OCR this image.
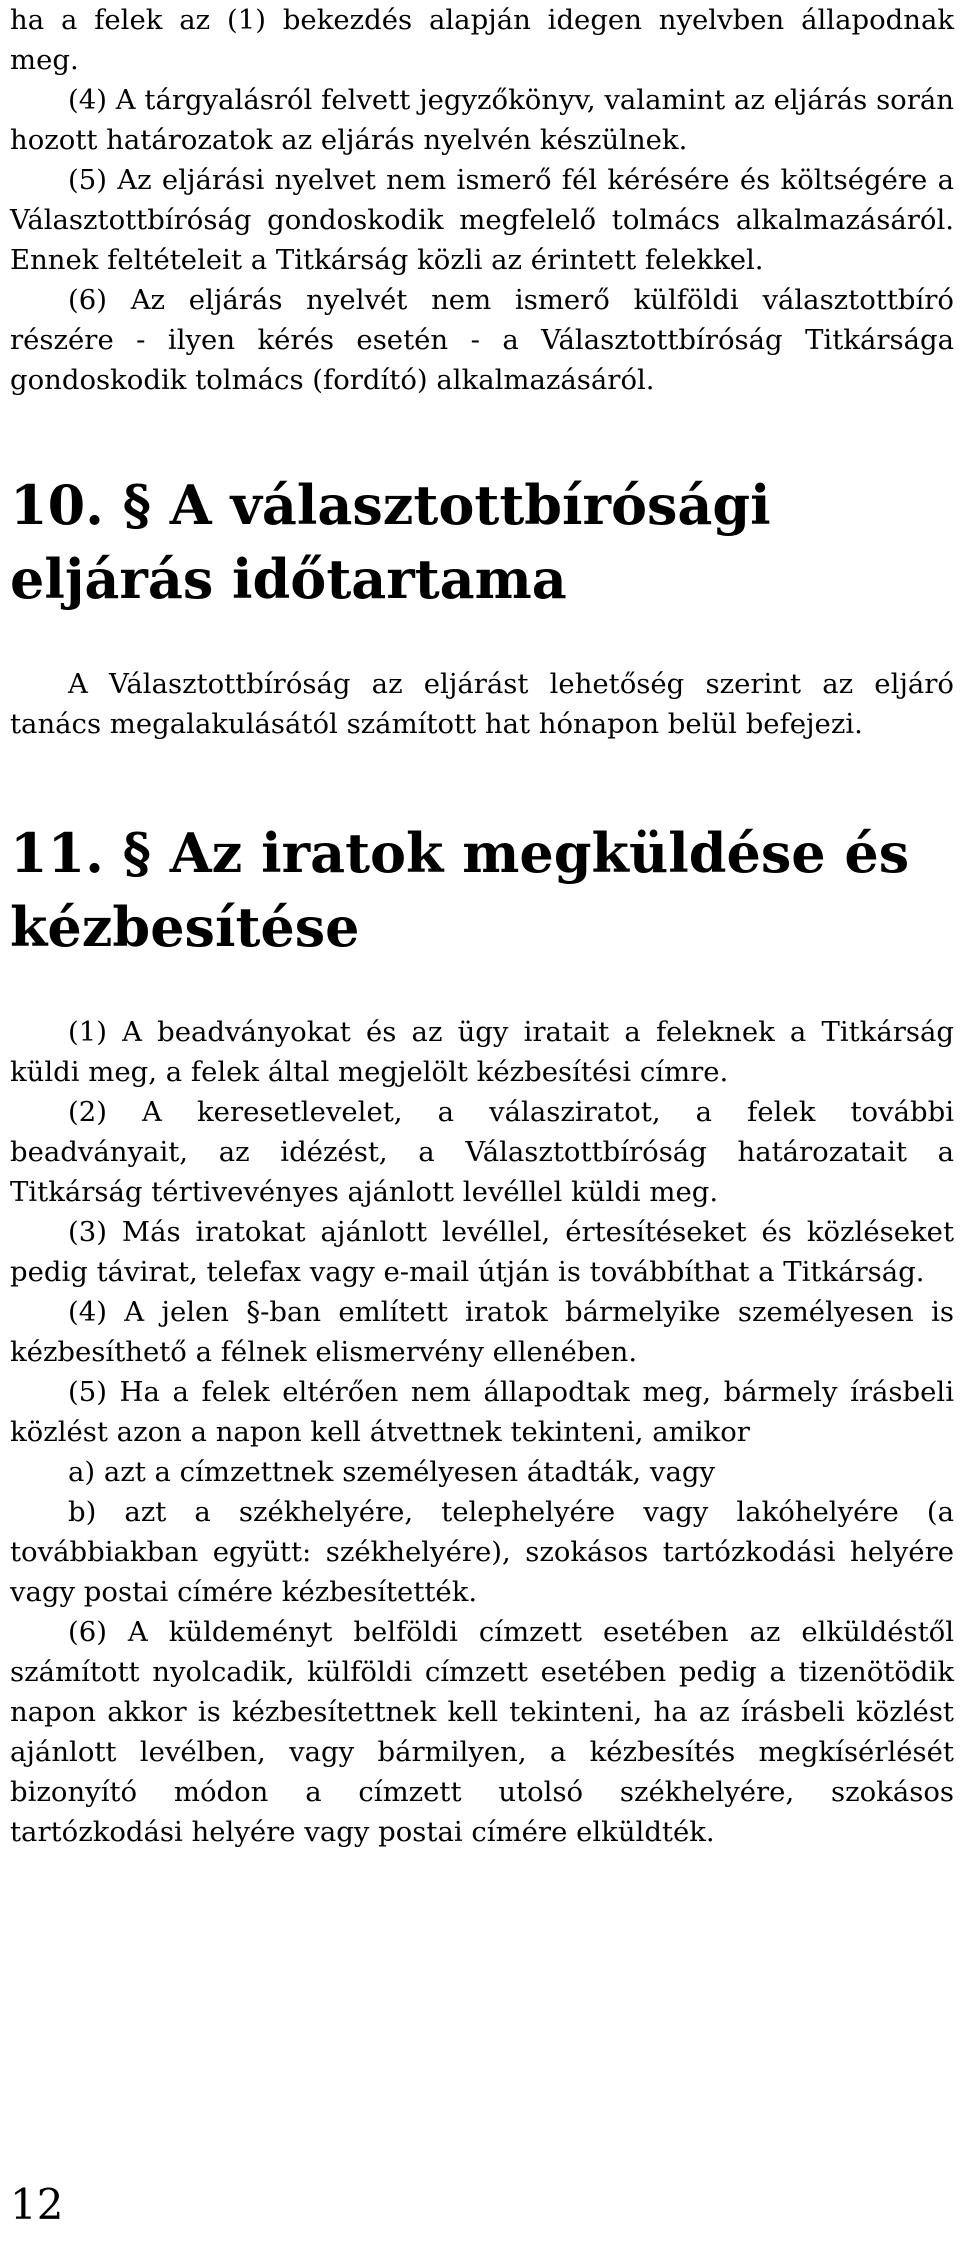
ha a felek az (1) bekezdés alapján idegen nyelvben állapodnak meg.

(4) A tárgyalásról felvett jegyzőkönyv, valamint az eljárás során hozott határozatok az eljárás nyelvén készülnek.

(5) Az eljárási nyelvet nem ismerő fél kérésére és költségére a Választottbíróság gondoskodik megfelelő tolmács alkalmazásáról. Ennek feltételeit a Titkárság közli az érintett felekkel.

(6) Az eljárás nyelvét nem ismerő külföldi választottbíró részére - ilyen kérés esetén - a Választottbíróság Titkársága gondoskodik tolmács (fordító) alkalmazásáról.

10. § A választottbírósági eljárás időtartama

A Választottbíróság az eljárást lehetőség szerint az eljáró tanács megalakulásától számított hat hónapon belül befejezi.

11. § Az iratok megküldése és kézbesítése

(1) A beadványokat és az ügy iratait a feleknek a Titkárság küldi meg, a felek által megjelölt kézbesítési címre.

(2) A keresetlevelet, a válasziratot, a felek további beadványait, az idézést, a Választottbíróság határozatait a Titkárság tértivevényes ajánlott levéllel küldi meg.

(3) Más iratokat ajánlott levéllel, értesítéseket és közléseket pedig távirat, telefax vagy e-mail útján is továbbíthat a Titkárság.

(4) A jelen §-ban említett iratok bármelyike személyesen is kézbesíthető a félnek elismervény ellenében.

(5) Ha a felek eltérően nem állapodtak meg, bármely írásbeli közlést azon a napon kell átvettnek tekinteni, amikor

a) azt a címzettnek személyesen átadták, vagy

b) azt a székhelyére, telephelyére vagy lakóhelyére (a továbbiakban együtt: székhelyére), szokásos tartózkodási helyére vagy postai címére kézbesítették.

(6) A küldeményt belföldi címzett esetében az elküldéstől számított nyolcadik, külföldi címzett esetében pedig a tizenötödik napon akkor is kézbesítettnek kell tekinteni, ha az írásbeli közlést ajánlott levélben, vagy bármilyen, a kézbesítés megkísérlését bizonyító módon a címzett utolsó székhelyére, szokásos tartózkodási helyére vagy postai címére elküldték.

12
